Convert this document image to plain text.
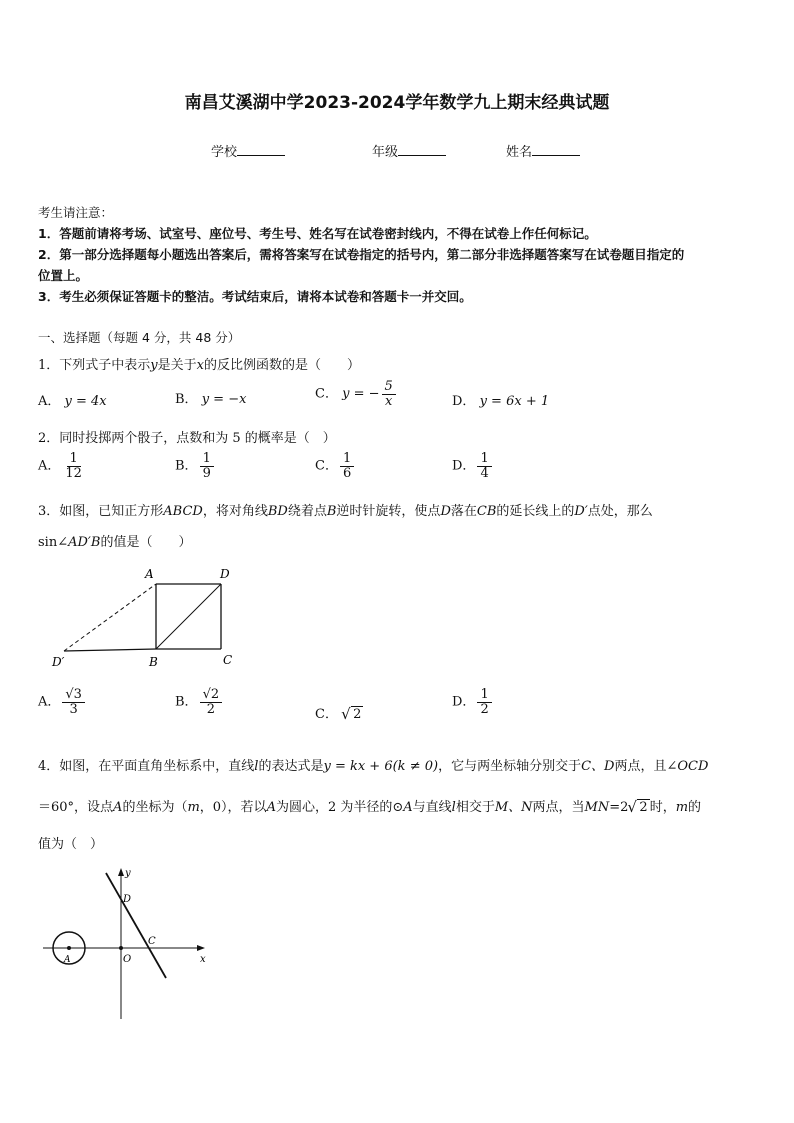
南昌艾溪湖中学2023-2024学年数学九上期末经典试题
学校	年级	姓名
考生请注意：
1．答题前请将考场、试室号、座位号、考生号、姓名写在试卷密封线内，不得在试卷上作任何标记。
2．第一部分选择题每小题选出答案后，需将答案写在试卷指定的括号内，第二部分非选择题答案写在试卷题目指定的
位置上。
3．考生必须保证答题卡的整洁。考试结束后，请将本试卷和答题卡一并交回。
一、选择题（每题 4 分，共 48 分）
1．下列式子中表示y是关于x的反比例函数的是（　　）
A． y = 4x	B． y = −x	C． y = − $\frac{5}{x}$	D． y = 6x + 1
2．同时投掷两个骰子，点数和为 5 的概率是（　）
A． $\frac{1}{12}$	B． $\frac{1}{9}$	C． $\frac{1}{6}$	D． $\frac{1}{4}$
3．如图，已知正方形ABCD，将对角线BD绕着点B逆时针旋转，使点D落在CB的延长线上的D′点处，那么
sin∠AD′B的值是（　　）
A	D
D′	B	C
A． $\frac{√3}{3}$	B． $\frac{√2}{2}$	C． √ 2
D． $\frac{1}{2}$
4．如图，在平面直角坐标系中，直线l的表达式是y = kx + 6(k ≠ 0)，它与两坐标轴分别交于C、D两点，且∠OCD
＝60°，设点A的坐标为（m，0），若以A为圆心，2 为半径的⊙A与直线l相交于M、N两点，当MN=2 √ 2 时，m的
值为（　）
y
x
D
C
O
A
